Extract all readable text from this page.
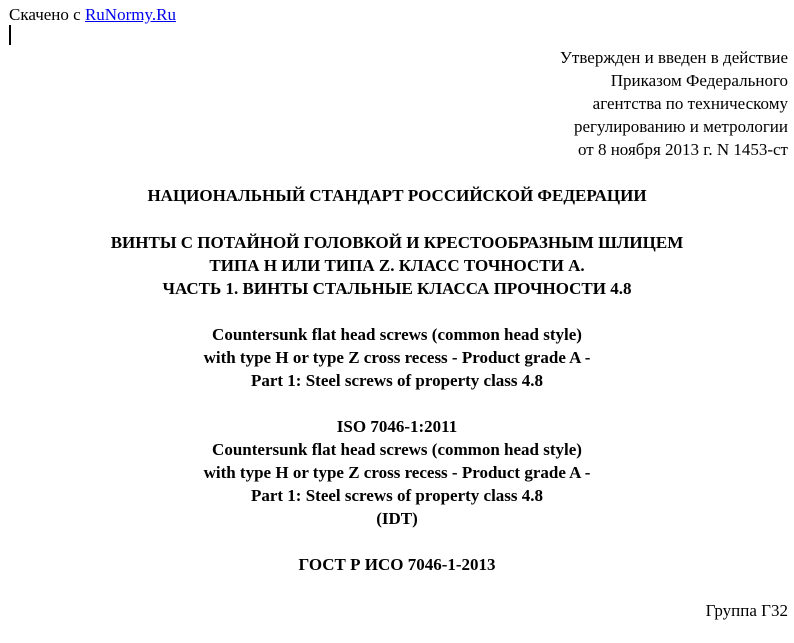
Скачено с RuNormy.Ru
Утвержден и введен в действие
Приказом Федерального
агентства по техническому
регулированию и метрологии
от 8 ноября 2013 г. N 1453-ст
НАЦИОНАЛЬНЫЙ СТАНДАРТ РОССИЙСКОЙ ФЕДЕРАЦИИ
ВИНТЫ С ПОТАЙНОЙ ГОЛОВКОЙ И КРЕСТООБРАЗНЫМ ШЛИЦЕМ
ТИПА H ИЛИ ТИПА Z. КЛАСС ТОЧНОСТИ A.
ЧАСТЬ 1. ВИНТЫ СТАЛЬНЫЕ КЛАССА ПРОЧНОСТИ 4.8
Countersunk flat head screws (common head style)
with type H or type Z cross recess - Product grade A -
Part 1: Steel screws of property class 4.8
ISO 7046-1:2011
Countersunk flat head screws (common head style)
with type H or type Z cross recess - Product grade A -
Part 1: Steel screws of property class 4.8
(IDT)
ГОСТ Р ИСО 7046-1-2013
Группа Г32
